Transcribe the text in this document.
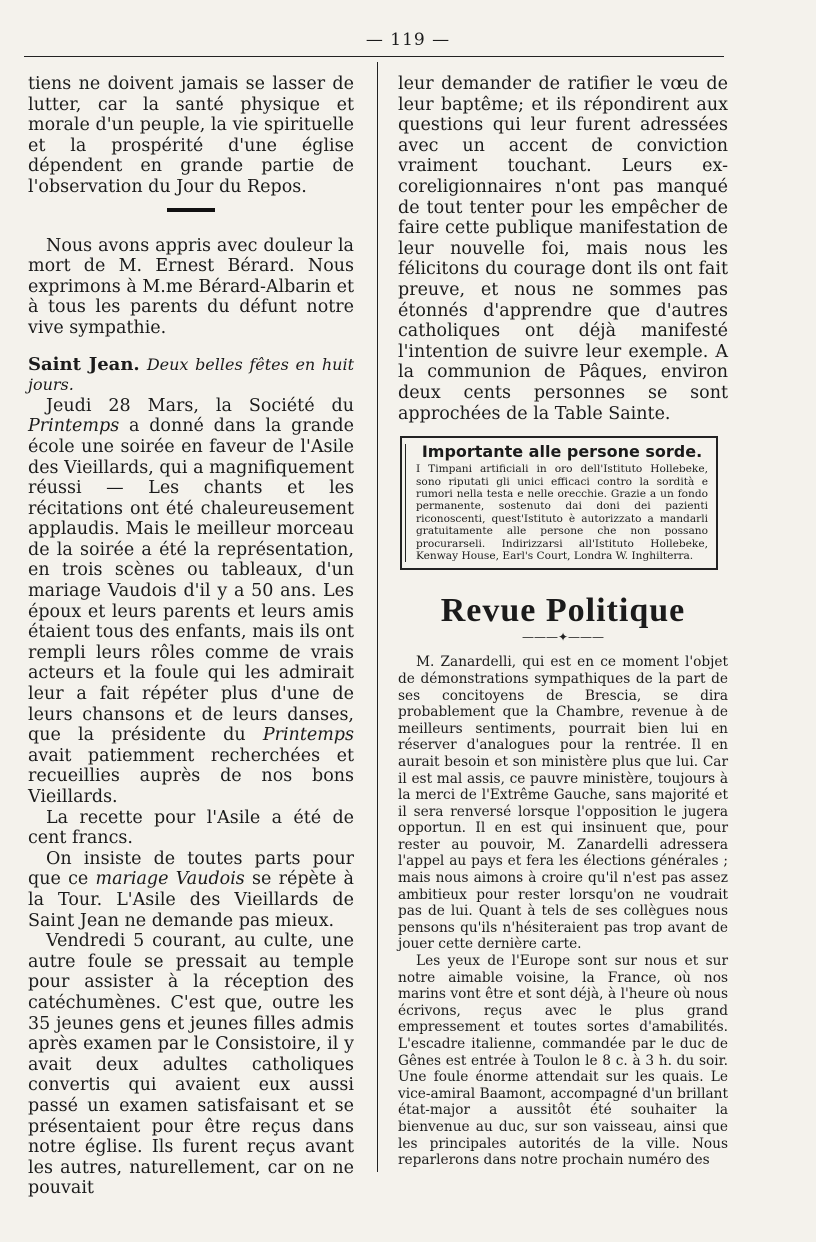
— 119 —

tiens ne doivent jamais se lasser de lutter, car la santé physique et morale d'un peuple, la vie spirituelle et la prospérité d'une église dépendent en grande partie de l'observation du Jour du Repos.

Nous avons appris avec douleur la mort de M. Ernest Bérard. Nous exprimons à M.me Bérard-Albarin et à tous les parents du défunt notre vive sympathie.

Saint Jean. Deux belles fêtes en huit jours.

Jeudi 28 Mars, la Société du Printemps a donné dans la grande école une soirée en faveur de l'Asile des Vieillards, qui a magnifiquement réussi — Les chants et les récitations ont été chaleureusement applaudis. Mais le meilleur morceau de la soirée a été la représentation, en trois scènes ou tableaux, d'un mariage Vaudois d'il y a 50 ans. Les époux et leurs parents et leurs amis étaient tous des enfants, mais ils ont rempli leurs rôles comme de vrais acteurs et la foule qui les admirait leur a fait répéter plus d'une de leurs chansons et de leurs danses, que la présidente du Printemps avait patiemment recherchées et recueillies auprès de nos bons Vieillards.

La recette pour l'Asile a été de cent francs.

On insiste de toutes parts pour que ce mariage Vaudois se répète à la Tour. L'Asile des Vieillards de Saint Jean ne demande pas mieux.

Vendredi 5 courant, au culte, une autre foule se pressait au temple pour assister à la réception des catéchumènes. C'est que, outre les 35 jeunes gens et jeunes filles admis après examen par le Consistoire, il y avait deux adultes catholiques convertis qui avaient eux aussi passé un examen satisfaisant et se présentaient pour être reçus dans notre église. Ils furent reçus avant les autres, naturellement, car on ne pouvait

leur demander de ratifier le vœu de leur baptême; et ils répondirent aux questions qui leur furent adressées avec un accent de conviction vraiment touchant. Leurs ex-coreligionnaires n'ont pas manqué de tout tenter pour les empêcher de faire cette publique manifestation de leur nouvelle foi, mais nous les félicitons du courage dont ils ont fait preuve, et nous ne sommes pas étonnés d'apprendre que d'autres catholiques ont déjà manifesté l'intention de suivre leur exemple. A la communion de Pâques, environ deux cents personnes se sont approchées de la Table Sainte.

Importante alle persone sorde.
I Timpani artificiali in oro dell'Istituto Hollebeke, sono riputati gli unici efficaci contro la sordità e rumori nella testa e nelle orecchie. Grazie a un fondo permanente, sostenuto dai doni dei pazienti riconoscenti, quest'Istituto è autorizzato a mandarli gratuitamente alle persone che non possano procurarseli. Indirizzarsi all'Istituto Hollebeke, Kenway House, Earl's Court, Londra W. Inghilterra.
Revue Politique
———✦———

M. Zanardelli, qui est en ce moment l'objet de démonstrations sympathiques de la part de ses concitoyens de Brescia, se dira probablement que la Chambre, revenue à de meilleurs sentiments, pourrait bien lui en réserver d'analogues pour la rentrée. Il en aurait besoin et son ministère plus que lui. Car il est mal assis, ce pauvre ministère, toujours à la merci de l'Extrême Gauche, sans majorité et il sera renversé lorsque l'opposition le jugera opportun. Il en est qui insinuent que, pour rester au pouvoir, M. Zanardelli adressera l'appel au pays et fera les élections générales ; mais nous aimons à croire qu'il n'est pas assez ambitieux pour rester lorsqu'on ne voudrait pas de lui. Quant à tels de ses collègues nous pensons qu'ils n'hésiteraient pas trop avant de jouer cette dernière carte.

Les yeux de l'Europe sont sur nous et sur notre aimable voisine, la France, où nos marins vont être et sont déjà, à l'heure où nous écrivons, reçus avec le plus grand empressement et toutes sortes d'amabilités. L'escadre italienne, commandée par le duc de Gênes est entrée à Toulon le 8 c. à 3 h. du soir. Une foule énorme attendait sur les quais. Le vice-amiral Baamont, accompagné d'un brillant état-major a aussitôt été souhaiter la bienvenue au duc, sur son vaisseau, ainsi que les principales autorités de la ville. Nous reparlerons dans notre prochain numéro des
